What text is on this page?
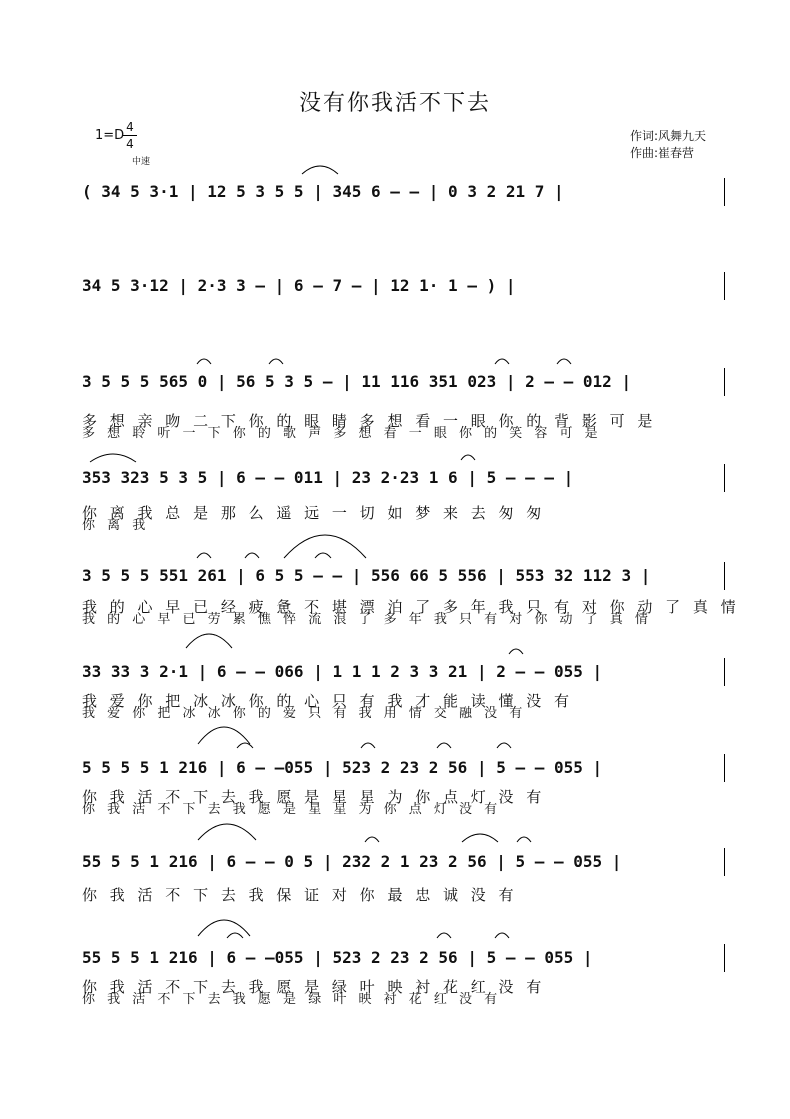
没有你我活不下去
1=D
4
4
中速
作词:风舞九天
作曲:崔春营
( 34 5 3·1 | 12 5 3 5 5 | 345 6 – – | 0 3 2 21 7 |
34 5 3·12 | 2·3 3 – | 6 – 7 – | 12 1· 1 – ) |
3 5 5 5 565 0 | 56 5 3 5 – | 11 116 351 023 | 2 – – 012 |
多 想 亲 吻 二 下 你 的 眼 睛 多 想 看 一 眼 你 的 背 影 可 是
多 想 聆 听 一 下 你 的 歌 声 多 想 看 一 眼 你 的 笑 容 可 是
353 323 5 3 5 | 6 – – 011 | 23 2·23 1 6 | 5 – – – |
你 离 我 总 是 那 么 遥 远 一 切 如 梦 来 去 匆 匆
你 离 我
3 5 5 5 551 261 | 6 5 5 – – | 556 66 5 556 | 553 32 112 3 |
我 的 心 早 已 经 疲 惫 不 堪 漂 泊 了 多 年 我 只 有 对 你 动 了 真 情
我 的 心 早 已 劳 累 憔 悴 流 浪 了 多 年 我 只 有 对 你 动 了 真 情
33 33 3 2·1 | 6 – – 066 | 1 1 1 2 3 3 21 | 2 – – 055 |
我 爱 你 把 冰 冰 你 的 心 只 有 我 才 能 读 懂 没 有
我 爱 你 把 冰 冰 你 的 爱 只 有 我 用 情 交 融 没 有
5 5 5 5 1 216 | 6 – –055 | 523 2 23 2 56 | 5 – – 055 |
你 我 活 不 下 去 我 愿 是 星 星 为 你 点 灯 没 有
你 我 活 不 下 去 我 愿 是 星 星 为 你 点 灯 没 有
55 5 5 1 216 | 6 – – 0 5 | 232 2 1 23 2 56 | 5 – – 055 |
你 我 活 不 下 去 我 保 证 对 你 最 忠 诚 没 有
55 5 5 1 216 | 6 – –055 | 523 2 23 2 56 | 5 – – 055 |
你 我 活 不 下 去 我 愿 是 绿 叶 映 衬 花 红 没 有
你 我 活 不 下 去 我 愿 是 绿 叶 映 衬 花 红 没 有
